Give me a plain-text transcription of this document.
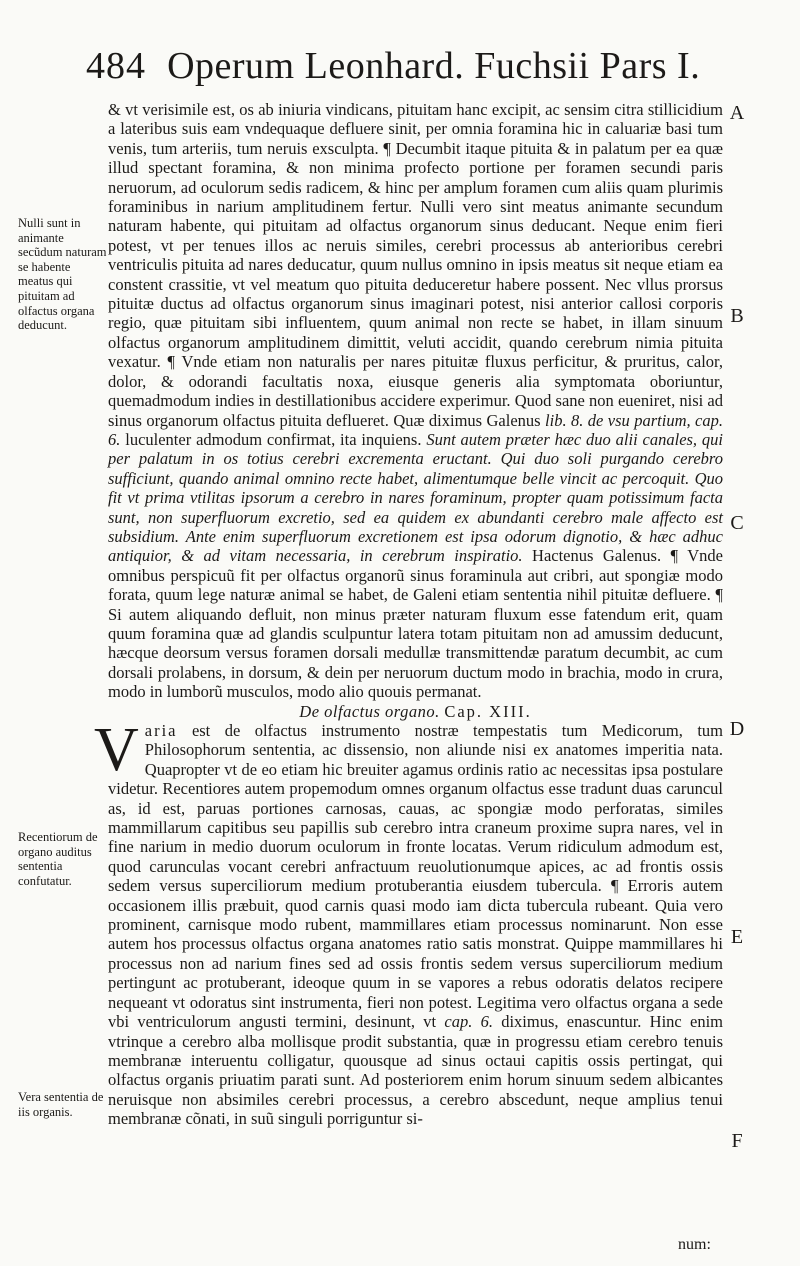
484 Operum Leonhard. Fuchsii Pars I.

& vt verisimile est, os ab iniuria vindicans, pituitam hanc excipit, ac sensim citra stillicidium a lateribus suis eam vndequaque defluere sinit, per omnia foramina hic in caluariæ basi tum venis, tum arteriis, tum neruis exsculpta. ¶ Decumbit itaque pituita & in palatum per ea quæ illud spectant foramina, & non minima profecto portione per foramen secundi paris neruorum, ad oculorum sedis radicem, & hinc per amplum foramen cum aliis quam plurimis foraminibus in narium amplitudinem fertur. Nulli vero sint meatus animante secundum naturam habente, qui pituitam ad olfactus organorum sinus deducant. Neque enim fieri potest, vt per tenues illos ac neruis similes, cerebri processus ab anterioribus cerebri ventriculis pituita ad nares deducatur, quum nullus omnino in ipsis meatus sit neque etiam ea constent crassitie, vt vel meatum quo pituita deduceretur habere possent. Nec vllus prorsus pituitæ ductus ad olfactus organorum sinus imaginari potest, nisi anterior callosi corporis regio, quæ pituitam sibi influentem, quum animal non recte se habet, in illam sinuum olfactus organorum amplitudinem dimittit, veluti accidit, quando cerebrum nimia pituita vexatur. ¶ Vnde etiam non naturalis per nares pituitæ fluxus perficitur, & pruritus, calor, dolor, & odorandi facultatis noxa, eiusque generis alia symptomata oboriuntur, quemadmodum indies in destillationibus accidere experimur. Quod sane non eueniret, nisi ad sinus organorum olfactus pituita deflueret. Quæ diximus Galenus lib. 8. de vsu partium, cap. 6. luculenter admodum confirmat, ita inquiens. Sunt autem præter hæc duo alii canales, qui per palatum in os totius cerebri excrementa eructant. Qui duo soli purgando cerebro sufficiunt, quando animal omnino recte habet, alimentumque belle vincit ac percoquit. Quo fit vt prima vtilitas ipsorum a cerebro in nares foraminum, propter quam potissimum facta sunt, non superfluorum excretio, sed ea quidem ex abundanti cerebro male affecto est subsidium. Ante enim superfluorum excretionem est ipsa odorum dignotio, & hæc adhuc antiquior, & ad vitam necessaria, in cerebrum inspiratio. Hactenus Galenus. ¶ Vnde omnibus perspicuũ fit per olfactus organorũ sinus foraminula aut cribri, aut spongiæ modo forata, quum lege naturæ animal se habet, de Galeni etiam sententia nihil pituitæ defluere. ¶ Si autem aliquando defluit, non minus præter naturam fluxum esse fatendum erit, quam quum foramina quæ ad glandis sculpuntur latera totam pituitam non ad amussim deducunt, hæcque deorsum versus foramen dorsali medullæ transmittendæ paratum decumbit, ac cum dorsali prolabens, in dorsum, & dein per neruorum ductum modo in brachia, modo in crura, modo in lumborũ musculos, modo alio quouis permanat.

De olfactus organo. Cap. XIII.

Varia est de olfactus instrumento nostræ tempestatis tum Medicorum, tum Philosophorum sententia, ac dissensio, non aliunde nisi ex anatomes imperitia nata. Quapropter vt de eo etiam hic breuiter agamus ordinis ratio ac necessitas ipsa postulare videtur. Recentiores autem propemodum omnes organum olfactus esse tradunt duas caruncul as, id est, paruas portiones carnosas, cauas, ac spongiæ modo perforatas, similes mammillarum capitibus seu papillis sub cerebro intra craneum proxime supra nares, vel in fine narium in medio duorum oculorum in fronte locatas. Verum ridiculum admodum est, quod carunculas vocant cerebri anfractuum reuolutionumque apices, ac ad frontis ossis sedem versus superciliorum medium protuberantia eiusdem tubercula. ¶ Erroris autem occasionem illis præbuit, quod carnis quasi modo iam dicta tubercula rubeant. Quia vero prominent, carnisque modo rubent, mammillares etiam processus nominarunt. Non esse autem hos processus olfactus organa anatomes ratio satis monstrat. Quippe mammillares hi processus non ad narium fines sed ad ossis frontis sedem versus superciliorum medium pertingunt ac protuberant, ideoque quum in se vapores a rebus odoratis delatos recipere nequeant vt odoratus sint instrumenta, fieri non potest. Legitima vero olfactus organa a sede vbi ventriculorum angusti termini, desinunt, vt cap. 6. diximus, enascuntur. Hinc enim vtrinque a cerebro alba mollisque prodit substantia, quæ in progressu etiam cerebro tenuis membranæ interuentu colligatur, quousque ad sinus octaui capitis ossis pertingat, qui olfactus organis priuatim parati sunt. Ad posteriorem enim horum sinuum sedem albicantes neruisque non absimiles cerebri processus, a cerebro abscedunt, neque amplius tenui membranæ cõnati, in suũ singuli porriguntur si-

Nulli sunt in animante secũdum naturam se habente meatus qui pituitam ad olfactus organa deducunt.
Recentiorum de organo auditus sententia confutatur.
Vera sententia de iis organis.
A
B
C
D
E
F
num:
